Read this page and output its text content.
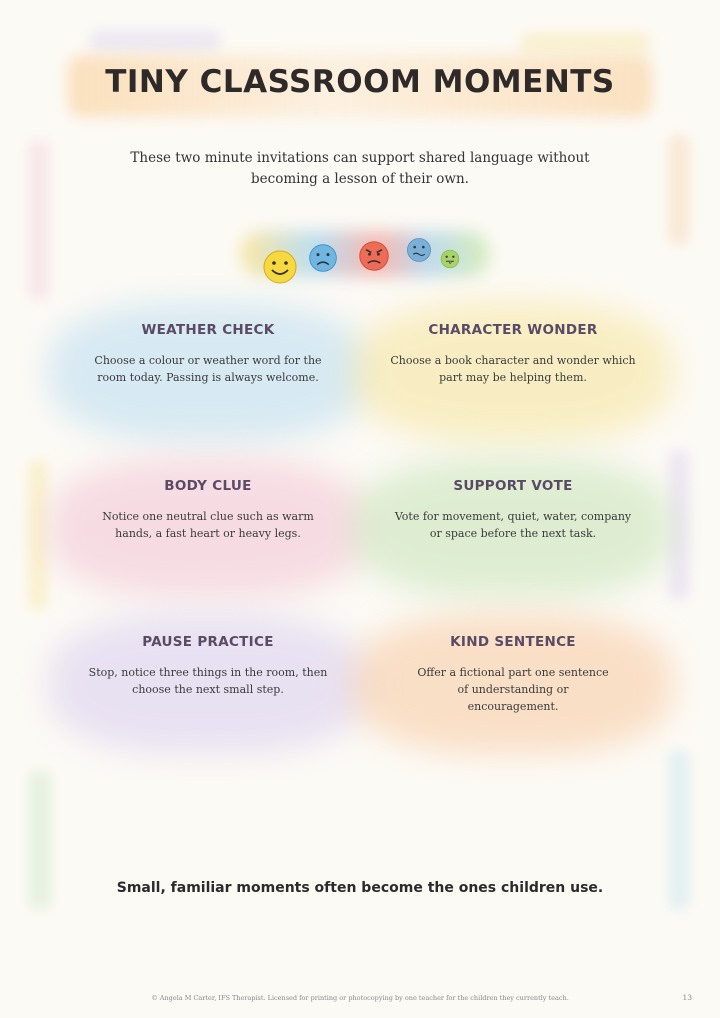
TINY CLASSROOM MOMENTS
These two minute invitations can support shared language without becoming a lesson of their own.
WEATHER CHECK
Choose a colour or weather word for the room today. Passing is always welcome.
CHARACTER WONDER
Choose a book character and wonder which part may be helping them.
BODY CLUE
Notice one neutral clue such as warm hands, a fast heart or heavy legs.
SUPPORT VOTE
Vote for movement, quiet, water, company or space before the next task.
PAUSE PRACTICE
Stop, notice three things in the room, then choose the next small step.
KIND SENTENCE
Offer a fictional part one sentence of understanding or encouragement.
Small, familiar moments often become the ones children use.
© Angela M Carter, IFS Therapist. Licensed for printing or photocopying by one teacher for the children they currently teach.	13
